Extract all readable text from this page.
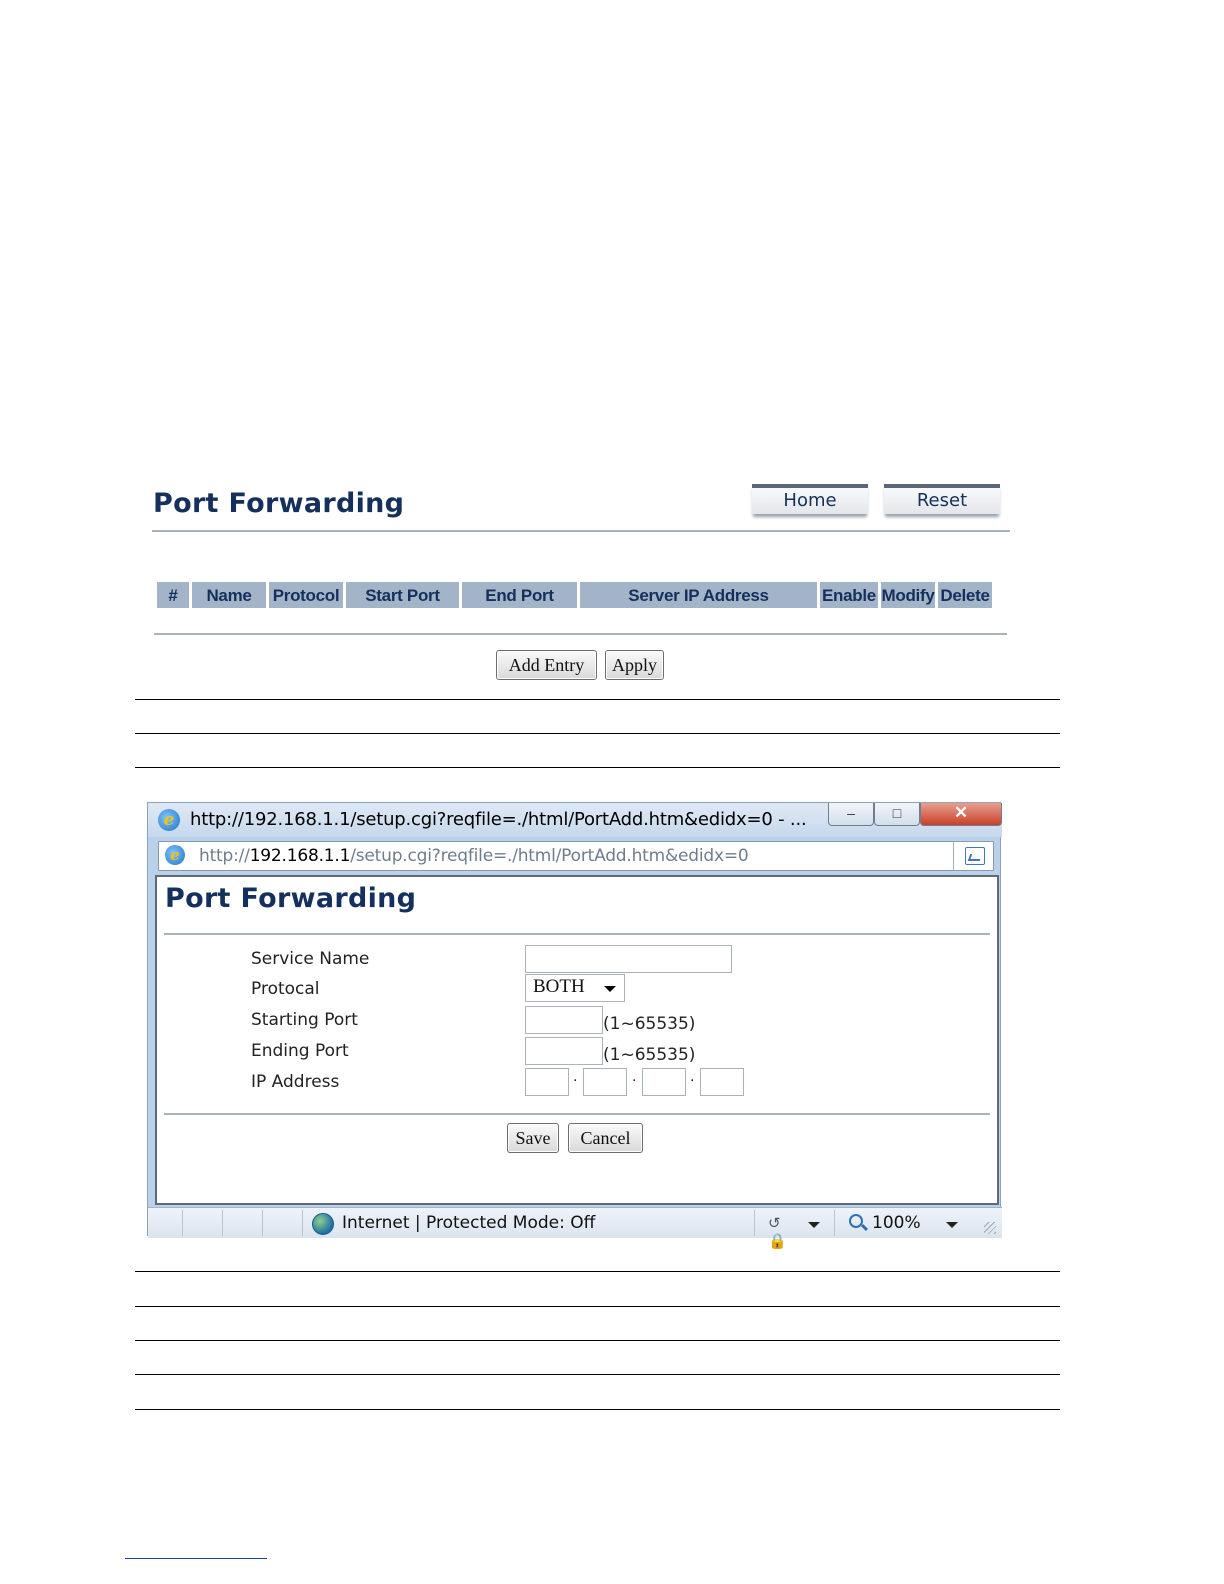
Port Forwarding	Home	Reset
#	Name	Protocol	Start Port	End Port	Server IP Address	Enable Modify Delete
Add Entry	Apply
e http://192.168.1.1/setup.cgi?reqfile=./html/PortAdd.htm&edidx=0 - ...	–	□	✕
e	http://192.168.1.1/setup.cgi?reqfile=./html/PortAdd.htm&edidx=0
Port Forwarding
Service Name
Protocal	BOTH
Starting Port	(1~65535)
Ending Port	(1~65535)
IP Address	.	.	.
Save	Cancel
Internet | Protected Mode: Off	↺🔒
100%
